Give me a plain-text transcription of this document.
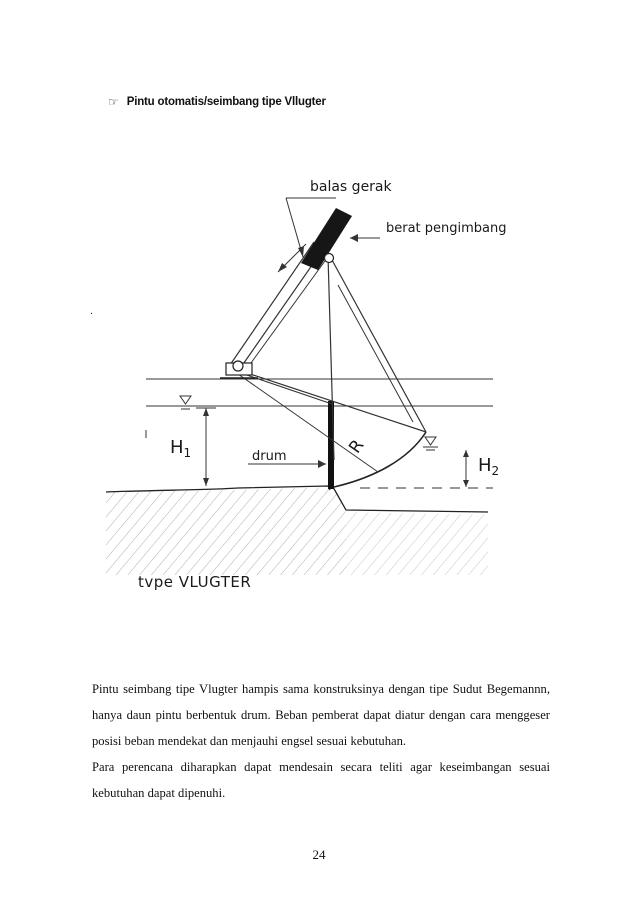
☞ Pintu otomatis/seimbang tipe Vllugter
$H_1$
$H_2$
balas gerak
berat pengimbang
R
drum
·
tvpe VLUGTER

Pintu seimbang tipe Vlugter hampis sama konstruksinya dengan tipe Sudut Begemannn, hanya daun pintu berbentuk drum. Beban pemberat dapat diatur dengan cara menggeser posisi beban mendekat dan menjauhi engsel sesuai kebutuhan.

Para perencana diharapkan dapat mendesain secara teliti agar keseimbangan sesuai kebutuhan dapat dipenuhi.

24
